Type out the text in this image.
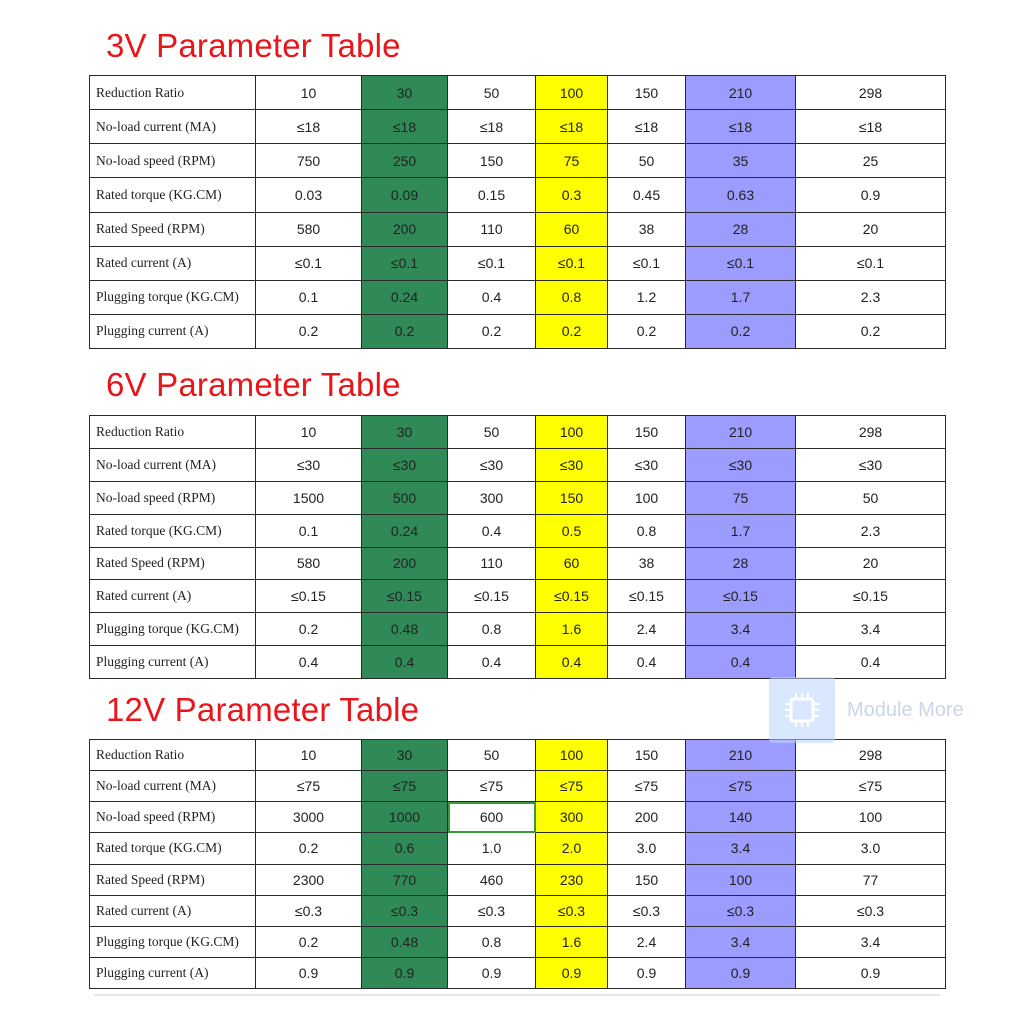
3V Parameter Table
Reduction Ratio	10	30	50	100	150	210	298	
No-load current (MA)	≤18	≤18	≤18	≤18	≤18	≤18	≤18	
No-load speed (RPM)	750	250	150	75	50	35	25	
Rated torque (KG.CM)	0.03	0.09	0.15	0.3	0.45	0.63	0.9	
Rated Speed (RPM)	580	200	110	60	38	28	20	
Rated current (A)	≤0.1	≤0.1	≤0.1	≤0.1	≤0.1	≤0.1	≤0.1	
Plugging torque (KG.CM)	0.1	0.24	0.4	0.8	1.2	1.7	2.3	
Plugging current (A)	0.2	0.2	0.2	0.2	0.2	0.2	0.2	
6V Parameter Table
Reduction Ratio	10	30	50	100	150	210	298	
No-load current (MA)	≤30	≤30	≤30	≤30	≤30	≤30	≤30	
No-load speed (RPM)	1500	500	300	150	100	75	50	
Rated torque (KG.CM)	0.1	0.24	0.4	0.5	0.8	1.7	2.3	
Rated Speed (RPM)	580	200	110	60	38	28	20	
Rated current (A)	≤0.15	≤0.15	≤0.15	≤0.15	≤0.15	≤0.15	≤0.15	
Plugging torque (KG.CM)	0.2	0.48	0.8	1.6	2.4	3.4	3.4	
Plugging current (A)	0.4	0.4	0.4	0.4	0.4	0.4	0.4	
12V Parameter Table
Reduction Ratio	10	30	50	100	150	210	298	
No-load current (MA)	≤75	≤75	≤75	≤75	≤75	≤75	≤75	
No-load speed (RPM)	3000	1000	600	300	200	140	100	
Rated torque (KG.CM)	0.2	0.6	1.0	2.0	3.0	3.4	3.0	
Rated Speed (RPM)	2300	770	460	230	150	100	77	
Rated current (A)	≤0.3	≤0.3	≤0.3	≤0.3	≤0.3	≤0.3	≤0.3	
Plugging torque (KG.CM)	0.2	0.48	0.8	1.6	2.4	3.4	3.4	
Plugging current (A)	0.9	0.9	0.9	0.9	0.9	0.9	0.9	
Module More
